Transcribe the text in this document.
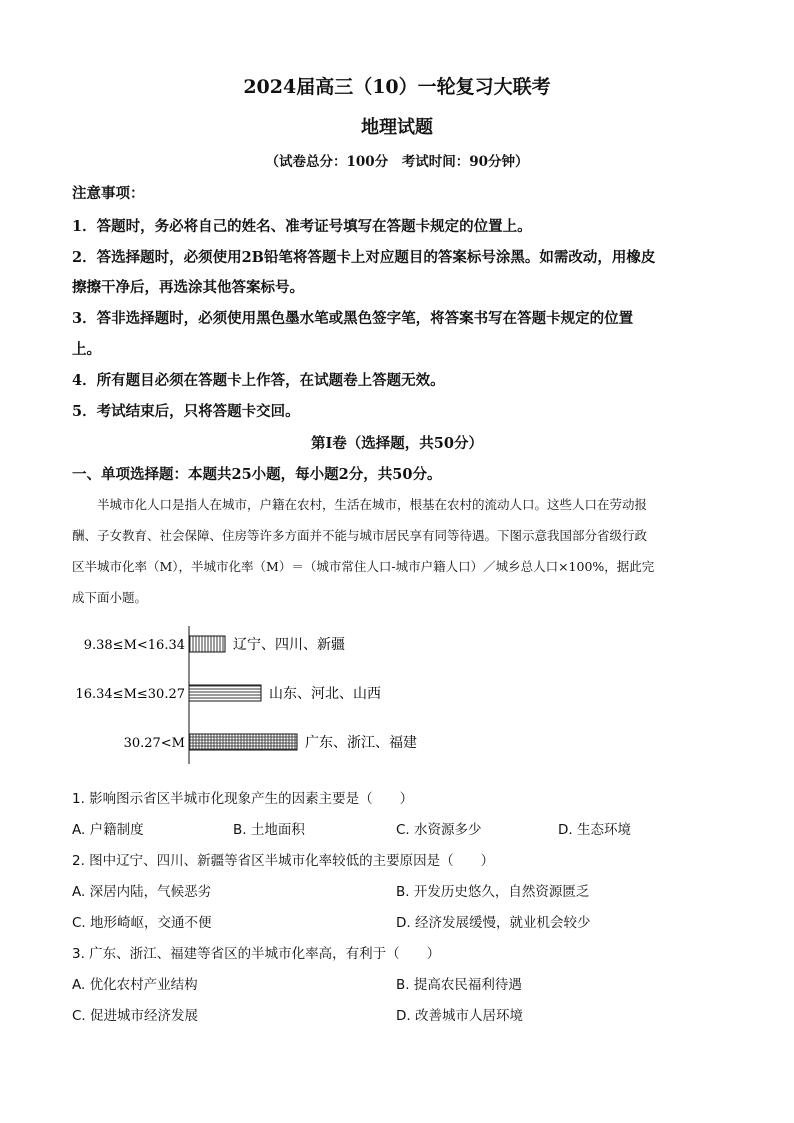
2024届高三（10）一轮复习大联考
地理试题
（试卷总分：100分　考试时间：90分钟）
注意事项：
1．答题时，务必将自己的姓名、准考证号填写在答题卡规定的位置上。
2．答选择题时，必须使用2B铅笔将答题卡上对应题目的答案标号涂黑。如需改动，用橡皮
擦擦干净后，再选涂其他答案标号。
3．答非选择题时，必须使用黑色墨水笔或黑色签字笔，将答案书写在答题卡规定的位置
上。
4．所有题目必须在答题卡上作答，在试题卷上答题无效。
5．考试结束后，只将答题卡交回。
第Ⅰ卷（选择题，共50分）
一、单项选择题：本题共25小题，每小题2分，共50分。
　　半城市化人口是指人在城市，户籍在农村，生活在城市，根基在农村的流动人口。这些人口在劳动报
酬、子女教育、社会保障、住房等许多方面并不能与城市居民享有同等待遇。下图示意我国部分省级行政
区半城市化率（M），半城市化率（M）＝（城市常住人口-城市户籍人口）／城乡总人口×100%，据此完
成下面小题。
9.38≤M<16.34	辽宁、四川、新疆
16.34≤M≤30.27	山东、河北、山西
30.27<M	广东、浙江、福建
1. 影响图示省区半城市化现象产生的因素主要是（　　）
A. 户籍制度	B. 土地面积	C. 水资源多少	D. 生态环境
2. 图中辽宁、四川、新疆等省区半城市化率较低的主要原因是（　　）
A. 深居内陆，气候恶劣	B. 开发历史悠久，自然资源匮乏
C. 地形崎岖，交通不便	D. 经济发展缓慢，就业机会较少
3. 广东、浙江、福建等省区的半城市化率高，有利于（　　）
A. 优化农村产业结构	B. 提高农民福利待遇
C. 促进城市经济发展	D. 改善城市人居环境
